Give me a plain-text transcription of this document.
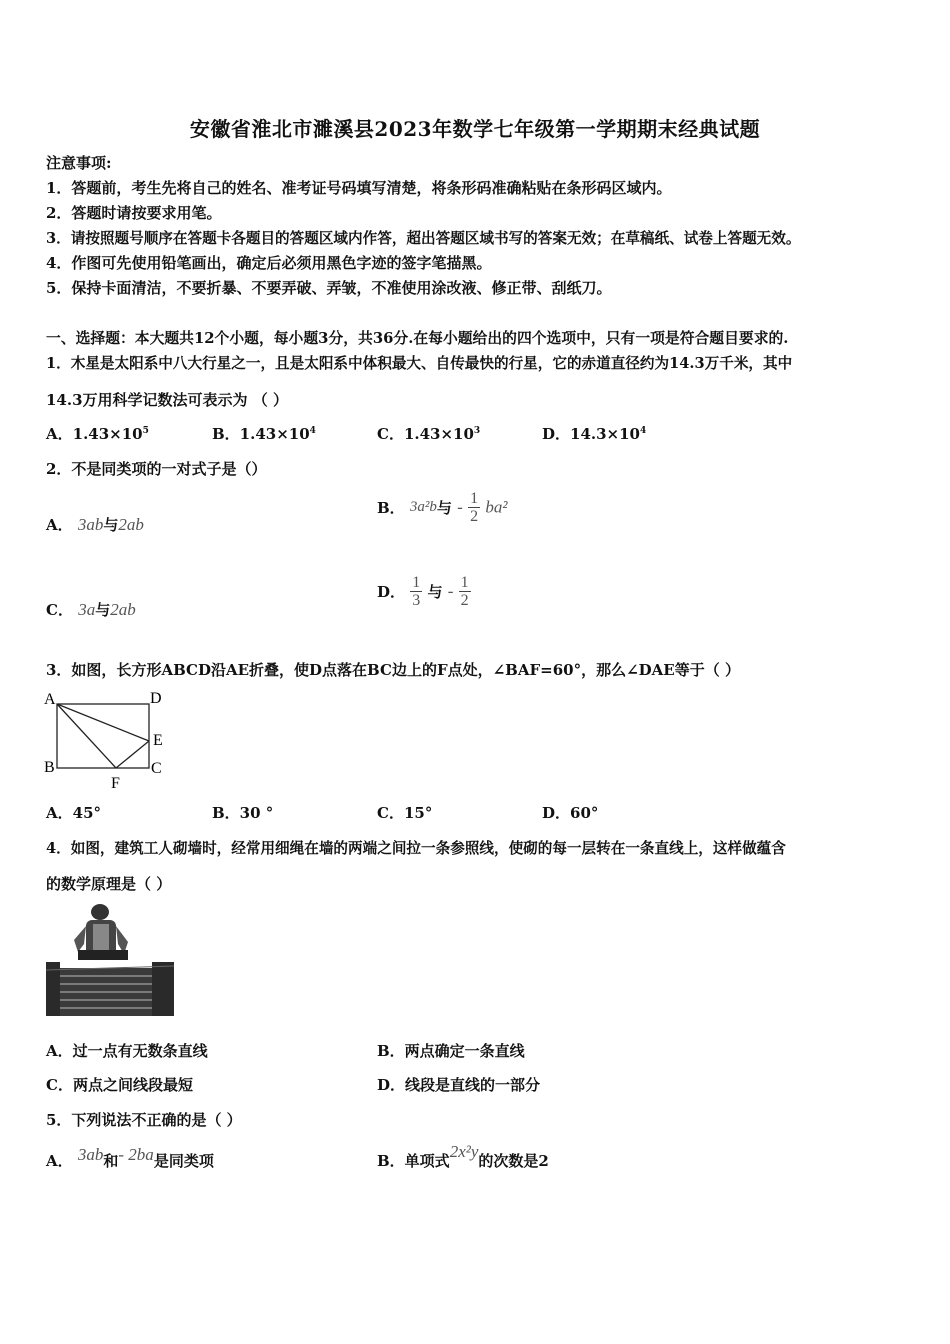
安徽省淮北市濉溪县2023年数学七年级第一学期期末经典试题
注意事项:
1．答题前，考生先将自己的姓名、准考证号码填写清楚，将条形码准确粘贴在条形码区域内。
2．答题时请按要求用笔。
3．请按照题号顺序在答题卡各题目的答题区域内作答，超出答题区域书写的答案无效；在草稿纸、试卷上答题无效。
4．作图可先使用铅笔画出，确定后必须用黑色字迹的签字笔描黑。
5．保持卡面清洁，不要折暴、不要弄破、弄皱，不准使用涂改液、修正带、刮纸刀。
一、选择题：本大题共12个小题，每小题3分，共36分.在每小题给出的四个选项中，只有一项是符合题目要求的.
1．木星是太阳系中八大行星之一，且是太阳系中体积最大、自传最快的行星，它的赤道直径约为14.3万千米，其中
14.3万用科学记数法可表示为 （ ）
A．$1.43\times 10^5$	B．$1.43\times 10^4$	C．$1.43\times 10^3$	D．$14.3\times 10^4$
2．不是同类项的一对式子是（）
A． 3ab与2ab
B． 3a²b与 - $\frac{1}{2} ba^2$
C． 3a与2ab
D． $\frac{1}{3}$ 与 - $\frac{1}{2}$
3．如图，长方形ABCD沿AE折叠，使D点落在BC边上的F点处，∠BAF=60°，那么∠DAE等于（ ）
A	D
E
B	C
F
A．45°	B．30 °	C．15°	D．60°
4．如图，建筑工人砌墙时，经常用细绳在墙的两端之间拉一条参照线，使砌的每一层转在一条直线上，这样做蕴含
的数学原理是（ ）
A．过一点有无数条直线	B．两点确定一条直线
C．两点之间线段最短	D．线段是直线的一部分
5．下列说法不正确的是（ ）
A． 3ab和- 2ba是同类项	B．单项式2x²y的次数是2
